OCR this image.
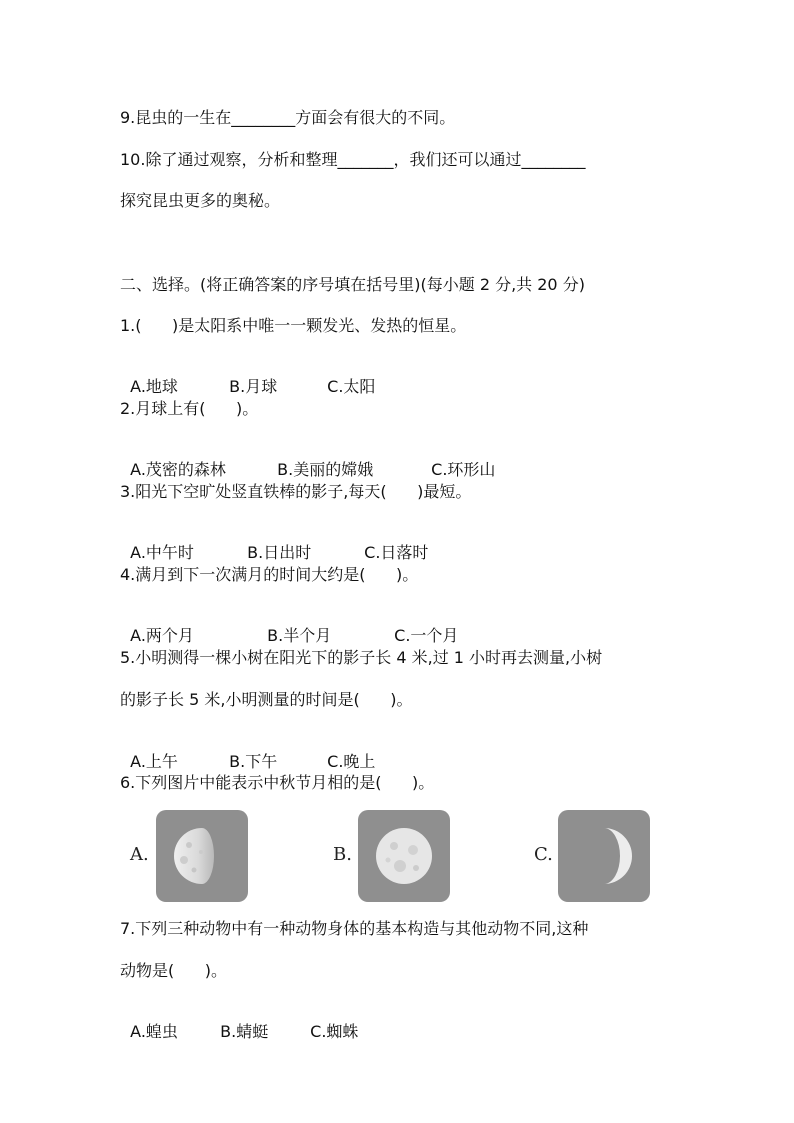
9.昆虫的一生在________方面会有很大的不同。
10.除了通过观察，分析和整理_______，我们还可以通过________
探究昆虫更多的奥秘。
二、选择。(将正确答案的序号填在括号里)(每小题 2 分,共 20 分)
1.(      )是太阳系中唯一一颗发光、发热的恒星。

A.地球	B.月球	C.太阳

2.月球上有(      )。

A.茂密的森林	B.美丽的嫦娥	C.环形山

3.阳光下空旷处竖直铁棒的影子,每天(      )最短。

A.中午时	B.日出时	C.日落时

4.满月到下一次满月的时间大约是(      )。

A.两个月	B.半个月	C.一个月

5.小明测得一棵小树在阳光下的影子长 4 米,过 1 小时再去测量,小树
的影子长 5 米,小明测量的时间是(      )。

A.上午	B.下午	C.晚上

6.下列图片中能表示中秋节月相的是(      )。
A.	B.	C.
7.下列三种动物中有一种动物身体的基本构造与其他动物不同,这种
动物是(      )。

A.蝗虫	B.蜻蜓	C.蜘蛛
